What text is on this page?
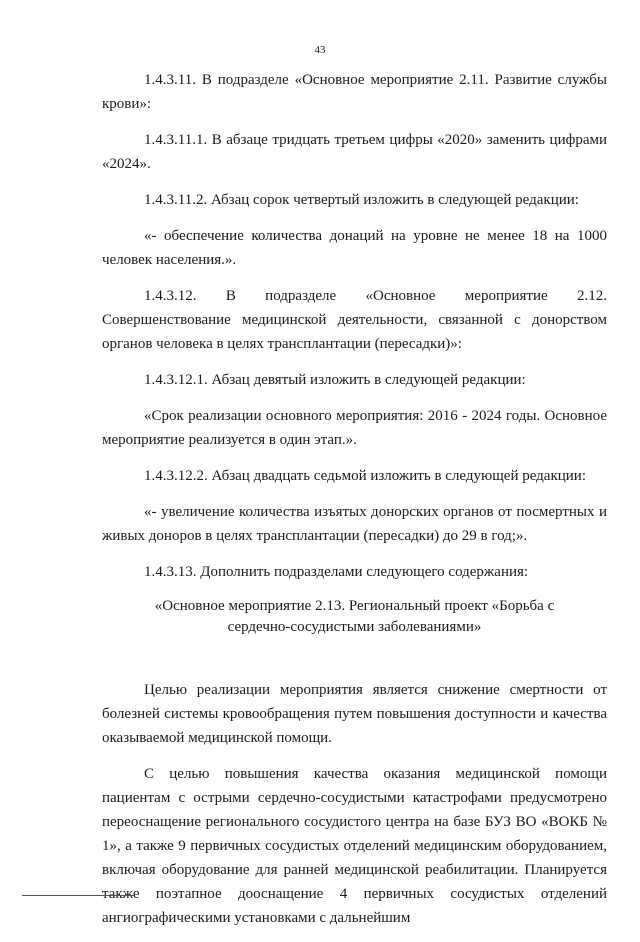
43

1.4.3.11. В подразделе «Основное мероприятие 2.11. Развитие службы крови»:

1.4.3.11.1. В абзаце тридцать третьем цифры «2020» заменить цифрами «2024».

1.4.3.11.2. Абзац сорок четвертый изложить в следующей редакции:

«- обеспечение количества донаций на уровне не менее 18 на 1000 человек населения.».

1.4.3.12. В подразделе «Основное мероприятие 2.12. Совершенствование медицинской деятельности, связанной с донорством органов человека в целях трансплантации (пересадки)»:

1.4.3.12.1. Абзац девятый изложить в следующей редакции:

«Срок реализации основного мероприятия: 2016 - 2024 годы. Основное мероприятие реализуется в один этап.».

1.4.3.12.2. Абзац двадцать седьмой изложить в следующей редакции:

«- увеличение количества изъятых донорских органов от посмертных и живых доноров в целях трансплантации (пересадки) до 29 в год;».

1.4.3.13. Дополнить подразделами следующего содержания:

«Основное мероприятие 2.13. Региональный проект «Борьба с сердечно-сосудистыми заболеваниями»

Целью реализации мероприятия является снижение смертности от болезней системы кровообращения путем повышения доступности и качества оказываемой медицинской помощи.

С целью повышения качества оказания медицинской помощи пациентам с острыми сердечно-сосудистыми катастрофами предусмотрено переоснащение регионального сосудистого центра на базе БУЗ ВО «ВОКБ № 1», а также 9 первичных сосудистых отделений медицинским оборудованием, включая оборудование для ранней медицинской реабилитации. Планируется также поэтапное дооснащение 4 первичных сосудистых отделений ангиографическими установками с дальнейшим
